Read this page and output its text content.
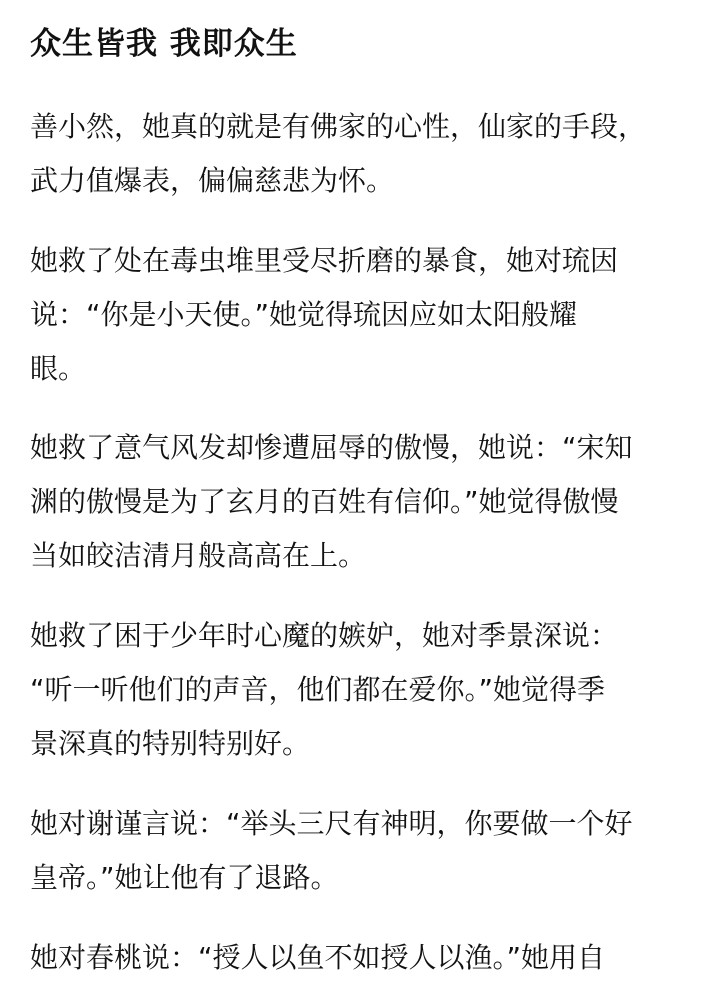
众生皆我 我即众生
善小然，她真的就是有佛家的心性，仙家的手段，
武力值爆表，偏偏慈悲为怀。
她救了处在毒虫堆里受尽折磨的暴食，她对琉因
说：“你是小天使。”她觉得琉因应如太阳般耀
眼。
她救了意气风发却惨遭屈辱的傲慢，她说：“宋知
渊的傲慢是为了玄月的百姓有信仰。”她觉得傲慢
当如皎洁清月般高高在上。
她救了困于少年时心魔的嫉妒，她对季景深说：
“听一听他们的声音，他们都在爱你。”她觉得季
景深真的特别特别好。
她对谢谨言说：“举头三尺有神明，你要做一个好
皇帝。”她让他有了退路。
她对春桃说：“授人以鱼不如授人以渔。”她用自
